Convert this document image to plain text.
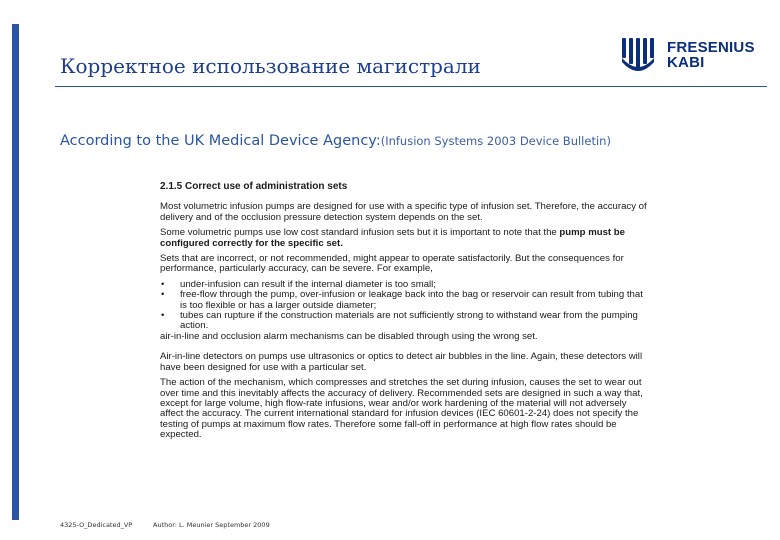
Корректное использование магистрали
FRESENIUS
KABI

According to the UK Medical Device Agency:(Infusion Systems 2003 Device Bulletin)

2.1.5 Correct use of administration sets

Most volumetric infusion pumps are designed for use with a specific type of infusion set. Therefore, the accuracy of delivery and of the occlusion pressure detection system depends on the set.

Some volumetric pumps use low cost standard infusion sets but it is important to note that the pump must be configured correctly for the specific set.

Sets that are incorrect, or not recommended, might appear to operate satisfactorily. But the consequences for performance, particularly accuracy, can be severe. For example,

• under-infusion can result if the internal diameter is too small;
• free-flow through the pump, over-infusion or leakage back into the bag or reservoir can result from tubing that is too flexible or has a larger outside diameter;
• tubes can rupture if the construction materials are not sufficiently strong to withstand wear from the pumping action.

air-in-line and occlusion alarm mechanisms can be disabled through using the wrong set.

Air-in-line detectors on pumps use ultrasonics or optics to detect air bubbles in the line. Again, these detectors will have been designed for use with a particular set.

The action of the mechanism, which compresses and stretches the set during infusion, causes the set to wear out over time and this inevitably affects the accuracy of delivery. Recommended sets are designed in such a way that, except for large volume, high flow-rate infusions, wear and/or work hardening of the material will not adversely affect the accuracy. The current international standard for infusion devices (IEC 60601-2-24) does not specify the testing of pumps at maximum flow rates. Therefore some fall-off in performance at high flow rates should be expected.

4325-O_Dedicated_VP	Author: L. Meunier September 2009
